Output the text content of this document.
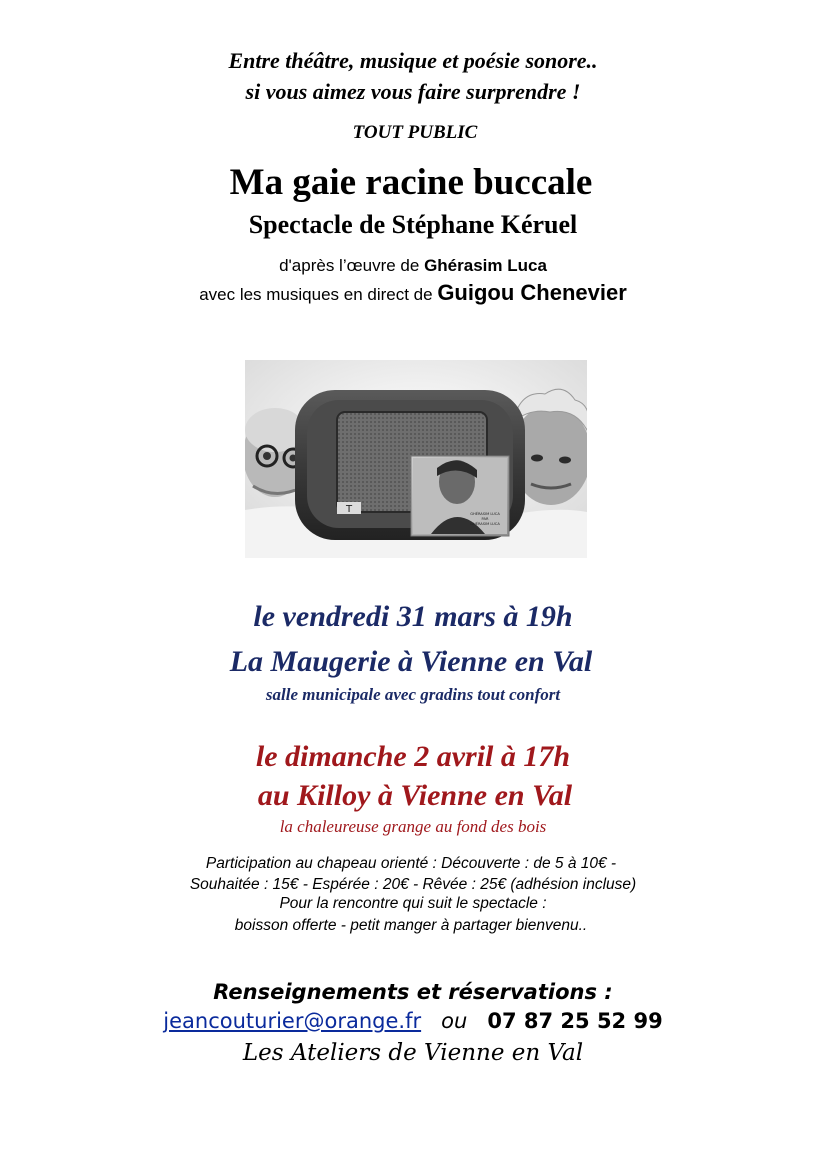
Entre théâtre, musique et poésie sonore..
si vous aimez vous faire surprendre !
TOUT PUBLIC
Ma gaie racine buccale
Spectacle de Stéphane Kéruel
d'après l’œuvre de Ghérasim Luca
avec les musiques en direct de Guigou Chenevier
T	GHÉRASIM LUCA
PAR
GHÉRASIM LUCA
le vendredi 31 mars à 19h
La Maugerie à Vienne en Val
salle municipale avec gradins tout confort
le dimanche 2 avril à 17h
au Killoy à Vienne en Val
la chaleureuse grange au fond des bois
Participation au chapeau orienté : Découverte : de 5 à 10€ -
Souhaitée : 15€ - Espérée : 20€ - Rêvée : 25€ (adhésion incluse)
Pour la rencontre qui suit le spectacle :
boisson offerte - petit manger à partager bienvenu..
Renseignements et réservations :
jeancouturier@orange.fr ou 07 87 25 52 99
Les Ateliers de Vienne en Val
